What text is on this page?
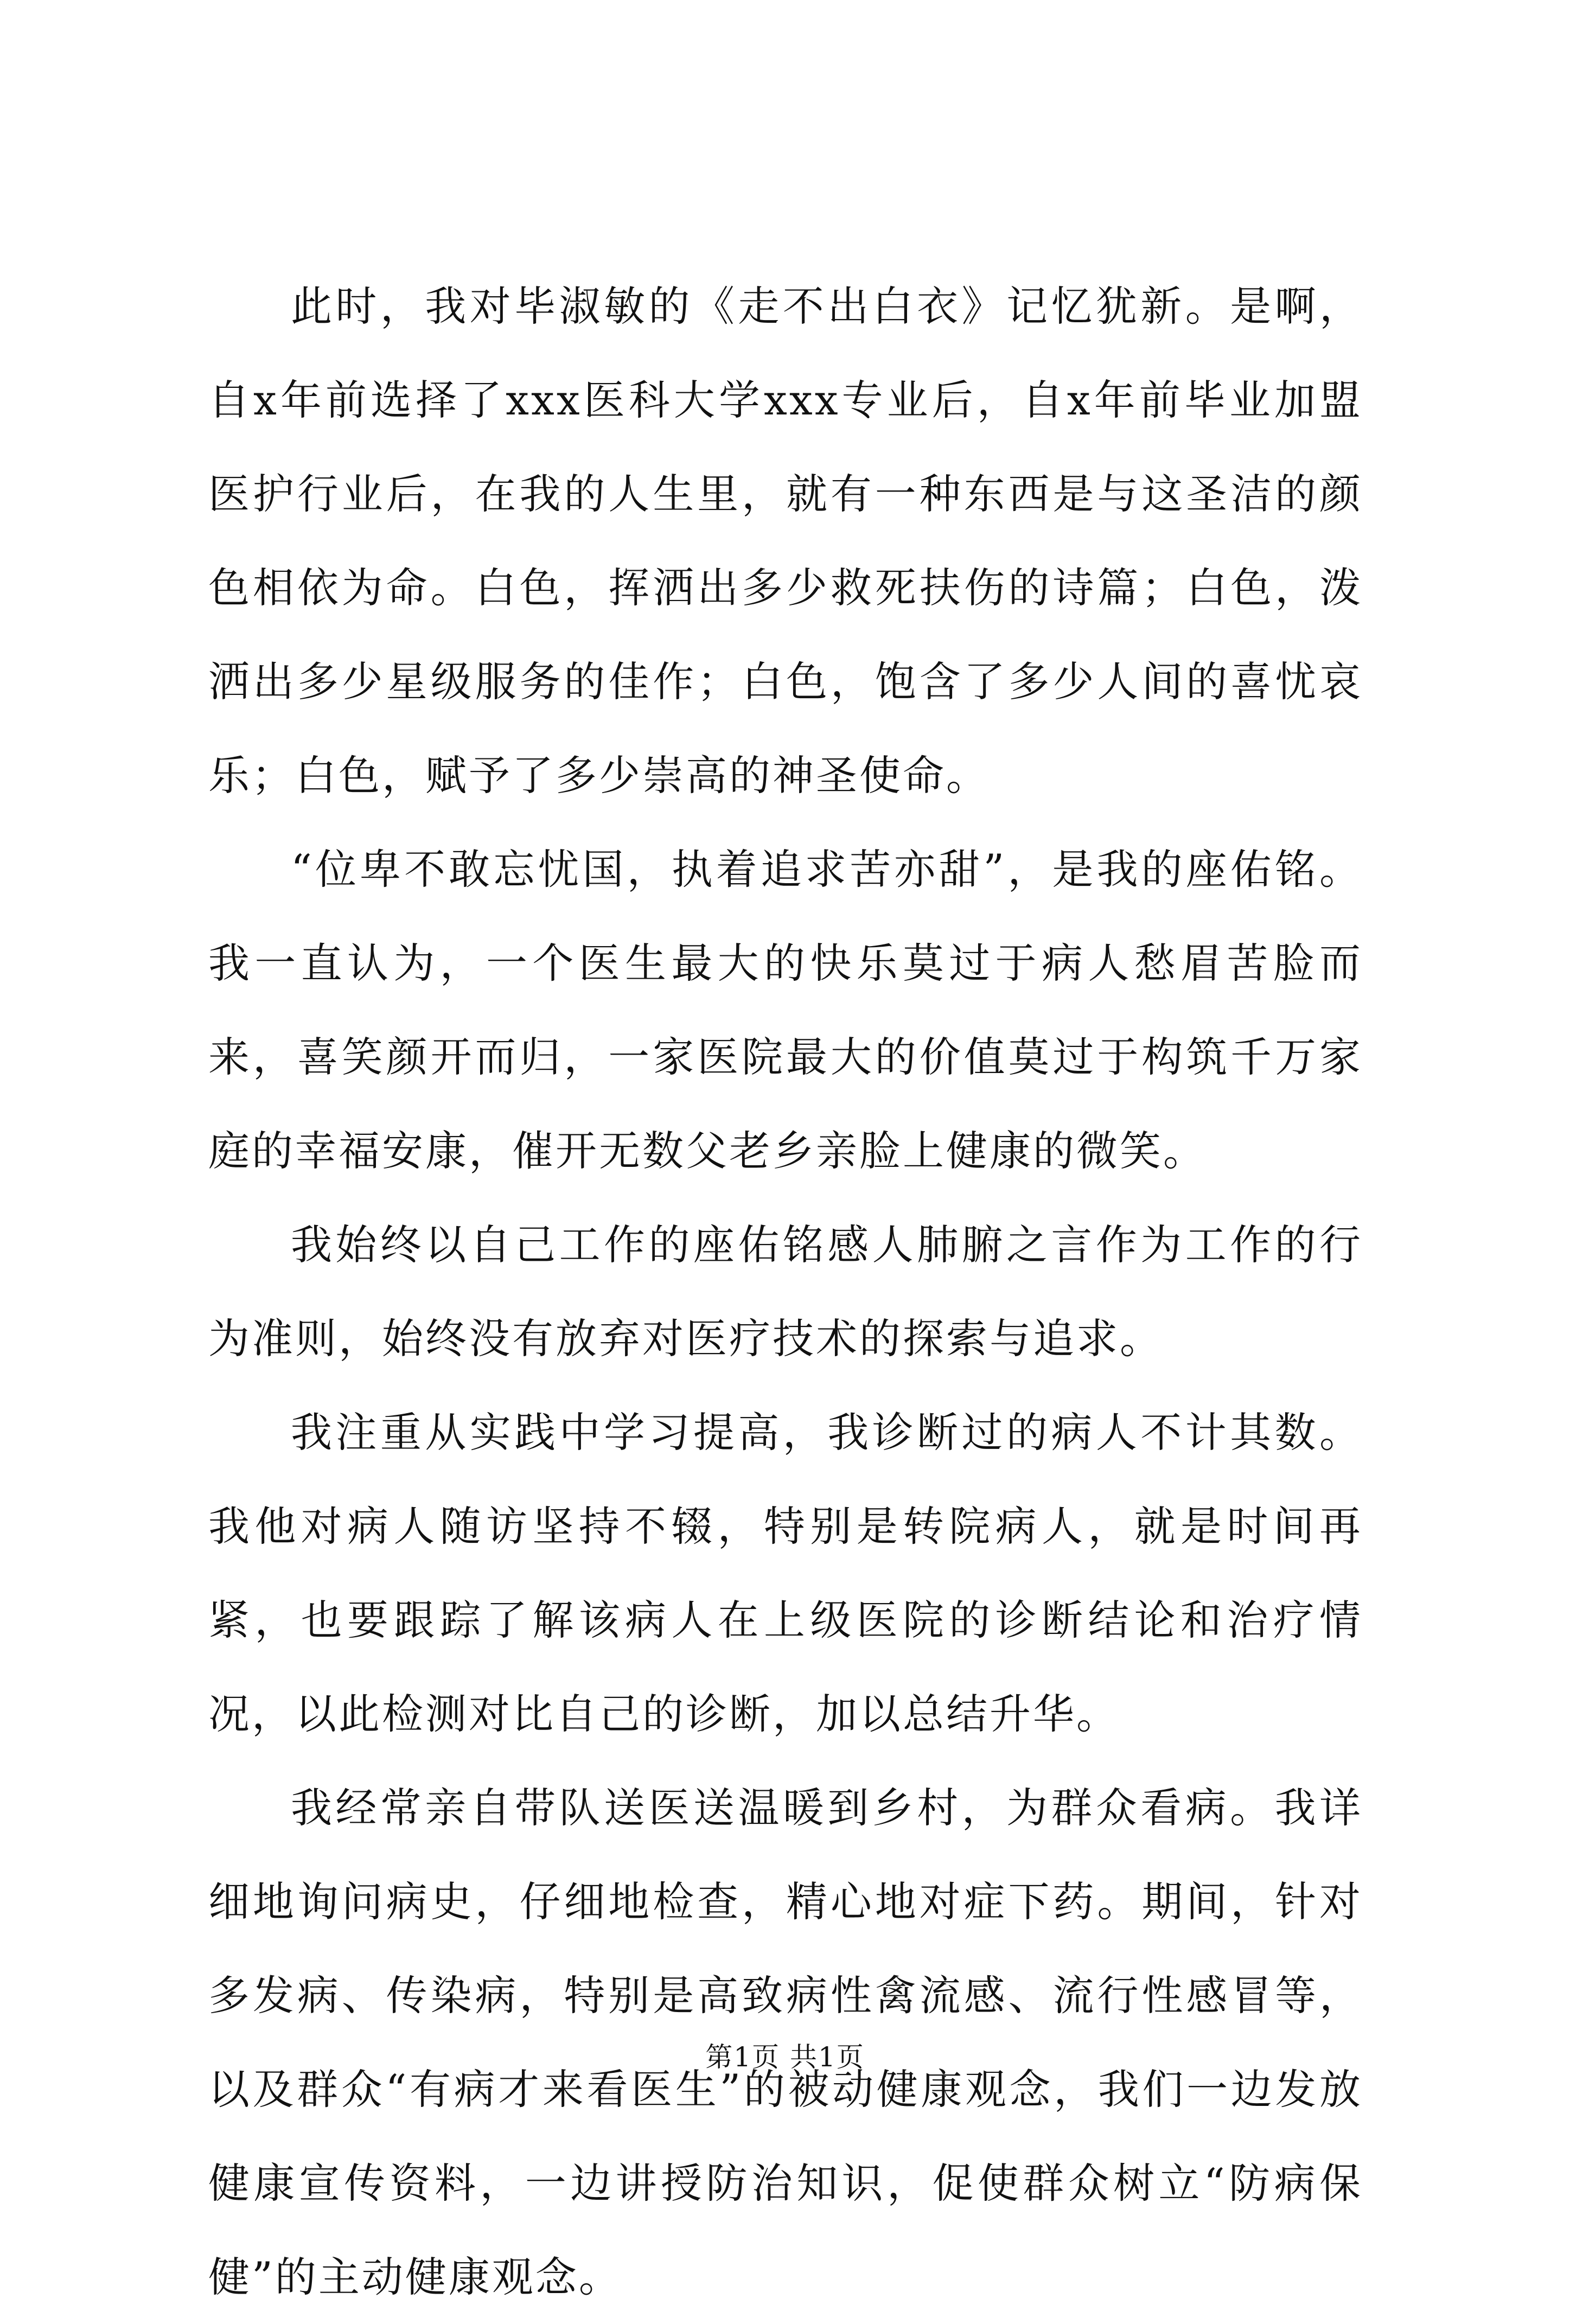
此时，我对毕淑敏的《走不出白衣》记忆犹新。是啊，自x年前选择了xxx医科大学xxx专业后，自x年前毕业加盟医护行业后，在我的人生里，就有一种东西是与这圣洁的颜色相依为命。白色，挥洒出多少救死扶伤的诗篇；白色，泼洒出多少星级服务的佳作；白色，饱含了多少人间的喜忧哀乐；白色，赋予了多少崇高的神圣使命。

“位卑不敢忘忧国，执着追求苦亦甜”，是我的座佑铭。我一直认为，一个医生最大的快乐莫过于病人愁眉苦脸而来，喜笑颜开而归，一家医院最大的价值莫过于构筑千万家庭的幸福安康，催开无数父老乡亲脸上健康的微笑。

我始终以自己工作的座佑铭感人肺腑之言作为工作的行为准则，始终没有放弃对医疗技术的探索与追求。

我注重从实践中学习提高，我诊断过的病人不计其数。我他对病人随访坚持不辍，特别是转院病人，就是时间再紧，也要跟踪了解该病人在上级医院的诊断结论和治疗情况，以此检测对比自己的诊断，加以总结升华。

我经常亲自带队送医送温暖到乡村，为群众看病。我详细地询问病史，仔细地检查，精心地对症下药。期间，针对多发病、传染病，特别是高致病性禽流感、流行性感冒等，以及群众“有病才来看医生”的被动健康观念，我们一边发放健康宣传资料，一边讲授防治知识，促使群众树立“防病保健”的主动健康观念。

第1页 共1页
